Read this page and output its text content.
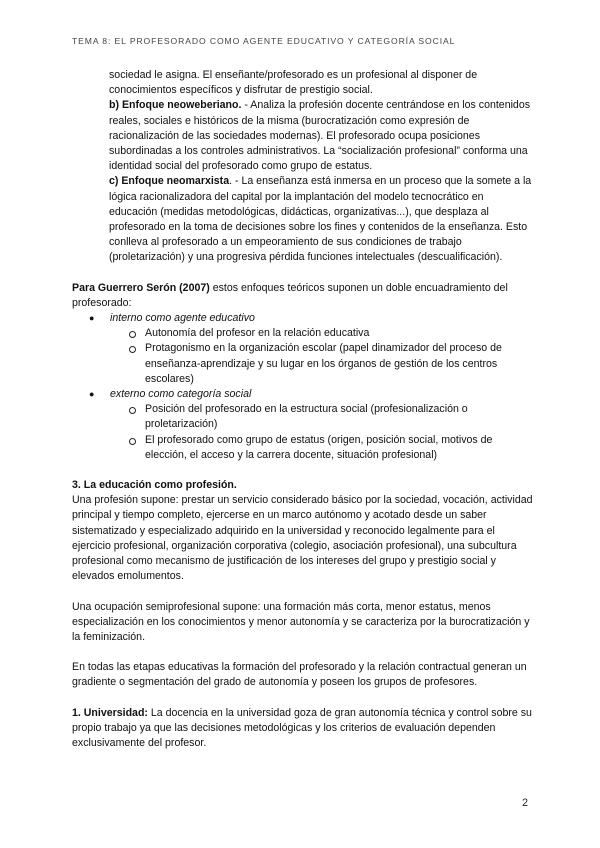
TEMA 8: EL PROFESORADO COMO AGENTE EDUCATIVO Y CATEGORÍA SOCIAL

sociedad le asigna. El enseñante/profesorado es un profesional al disponer de conocimientos específicos y disfrutar de prestigio social.

b) Enfoque neoweberiano. - Analiza la profesión docente centrándose en los contenidos reales, sociales e históricos de la misma (burocratización como expresión de racionalización de las sociedades modernas). El profesorado ocupa posiciones subordinadas a los controles administrativos. La “socialización profesional” conforma una identidad social del profesorado como grupo de estatus.

c) Enfoque neomarxista. - La enseñanza está inmersa en un proceso que la somete a la lógica racionalizadora del capital por la implantación del modelo tecnocrático en educación (medidas metodológicas, didácticas, organizativas...), que desplaza al profesorado en la toma de decisiones sobre los fines y contenidos de la enseñanza. Esto conlleva al profesorado a un empeoramiento de sus condiciones de trabajo (proletarización) y una progresiva pérdida funciones intelectuales (descualificación).

Para Guerrero Serón (2007) estos enfoques teóricos suponen un doble encuadramiento del profesorado:

● interno como agente educativo
Autonomía del profesor en la relación educativa
Protagonismo en la organización escolar (papel dinamizador del proceso de enseñanza-aprendizaje y su lugar en los órganos de gestión de los centros escolares)
● externo como categoría social
Posición del profesorado en la estructura social (profesionalización o proletarización)
El profesorado como grupo de estatus (origen, posición social, motivos de elección, el acceso y la carrera docente, situación profesional)

3. La educación como profesión.

Una profesión supone: prestar un servicio considerado básico por la sociedad, vocación, actividad principal y tiempo completo, ejercerse en un marco autónomo y acotado desde un saber sistematizado y especializado adquirido en la universidad y reconocido legalmente para el ejercicio profesional, organización corporativa (colegio, asociación profesional), una subcultura profesional como mecanismo de justificación de los intereses del grupo y prestigio social y elevados emolumentos.

Una ocupación semiprofesional supone: una formación más corta, menor estatus, menos especialización en los conocimientos y menor autonomía y se caracteriza por la burocratización y la feminización.

En todas las etapas educativas la formación del profesorado y la relación contractual generan un gradiente o segmentación del grado de autonomía y poseen los grupos de profesores.

1. Universidad: La docencia en la universidad goza de gran autonomía técnica y control sobre su propio trabajo ya que las decisiones metodológicas y los criterios de evaluación dependen exclusivamente del profesor.

2
